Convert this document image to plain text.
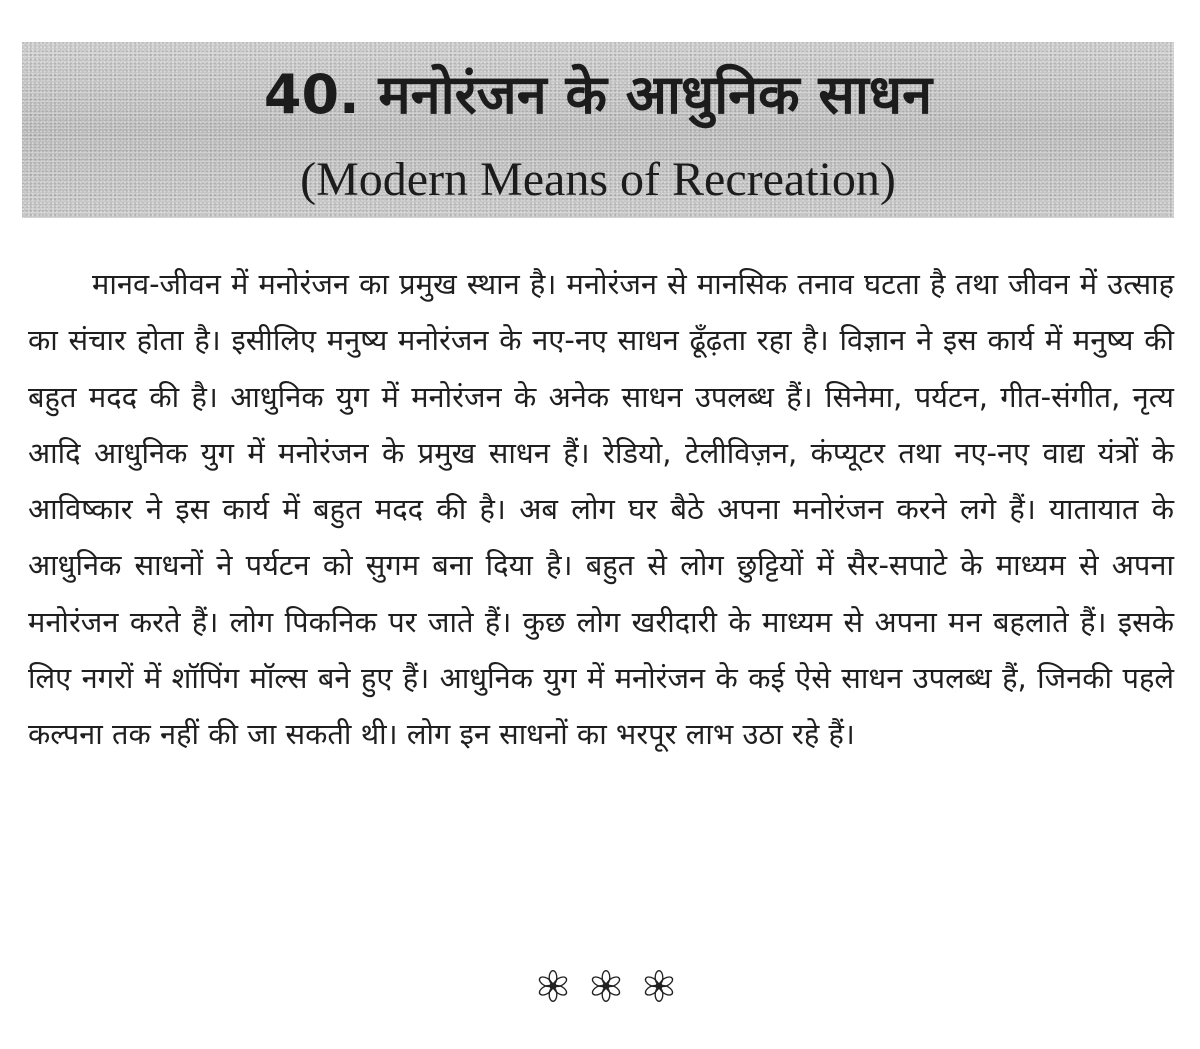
40. मनोरंजन के आधुनिक साधन
(Modern Means of Recreation)

मानव-जीवन में मनोरंजन का प्रमुख स्थान है। मनोरंजन से मानसिक तनाव घटता है तथा जीवन में उत्साह का संचार होता है। इसीलिए मनुष्य मनोरंजन के नए-नए साधन ढूँढ़ता रहा है। विज्ञान ने इस कार्य में मनुष्य की बहुत मदद की है। आधुनिक युग में मनोरंजन के अनेक साधन उपलब्ध हैं। सिनेमा, पर्यटन, गीत-संगीत, नृत्य आदि आधुनिक युग में मनोरंजन के प्रमुख साधन हैं। रेडियो, टेलीविज़न, कंप्यूटर तथा नए-नए वाद्य यंत्रों के आविष्कार ने इस कार्य में बहुत मदद की है। अब लोग घर बैठे अपना मनोरंजन करने लगे हैं। यातायात के आधुनिक साधनों ने पर्यटन को सुगम बना दिया है। बहुत से लोग छुट्टियों में सैर-सपाटे के माध्यम से अपना मनोरंजन करते हैं। लोग पिकनिक पर जाते हैं। कुछ लोग खरीदारी के माध्यम से अपना मन बहलाते हैं। इसके लिए नगरों में शॉपिंग मॉल्स बने हुए हैं। आधुनिक युग में मनोरंजन के कई ऐसे साधन उपलब्ध हैं, जिनकी पहले कल्पना तक नहीं की जा सकती थी। लोग इन साधनों का भरपूर लाभ उठा रहे हैं।
